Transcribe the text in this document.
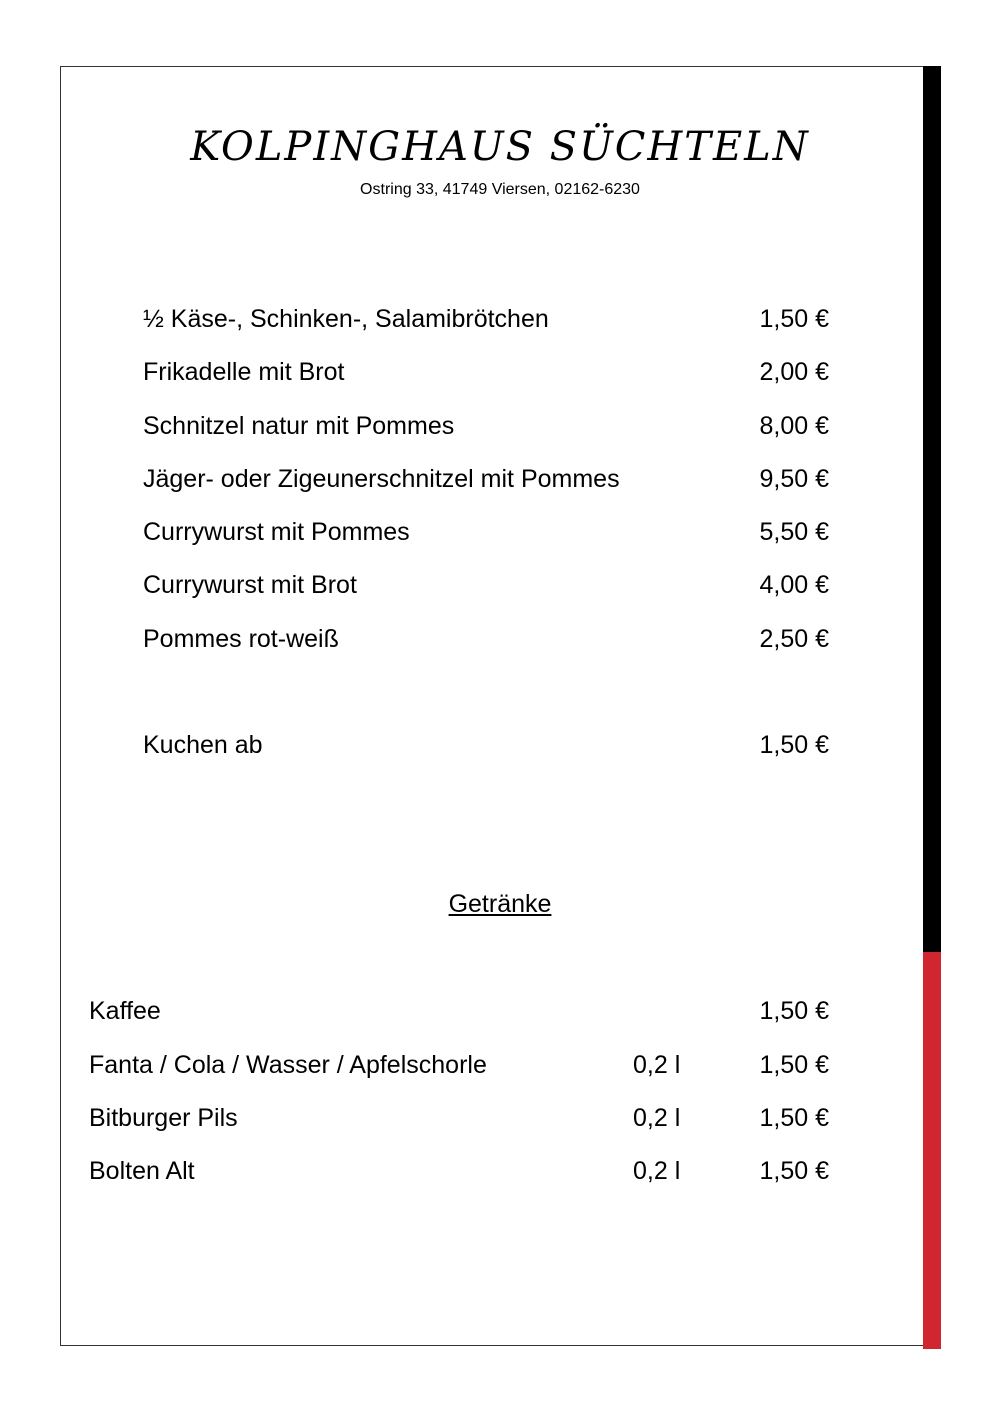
KOLPINGHAUS SÜCHTELN
Ostring 33, 41749 Viersen, 02162-6230
½ Käse-, Schinken-, Salamibrötchen	1,50 €
Frikadelle mit Brot	2,00 €
Schnitzel natur mit Pommes	8,00 €
Jäger- oder Zigeunerschnitzel mit Pommes	9,50 €
Currywurst mit Pommes	5,50 €
Currywurst mit Brot	4,00 €
Pommes rot-weiß	2,50 €
Kuchen ab	1,50 €
Getränke
Kaffee	1,50 €
Fanta / Cola / Wasser / Apfelschorle	0,2 l	1,50 €
Bitburger Pils	0,2 l	1,50 €
Bolten Alt	0,2 l	1,50 €
